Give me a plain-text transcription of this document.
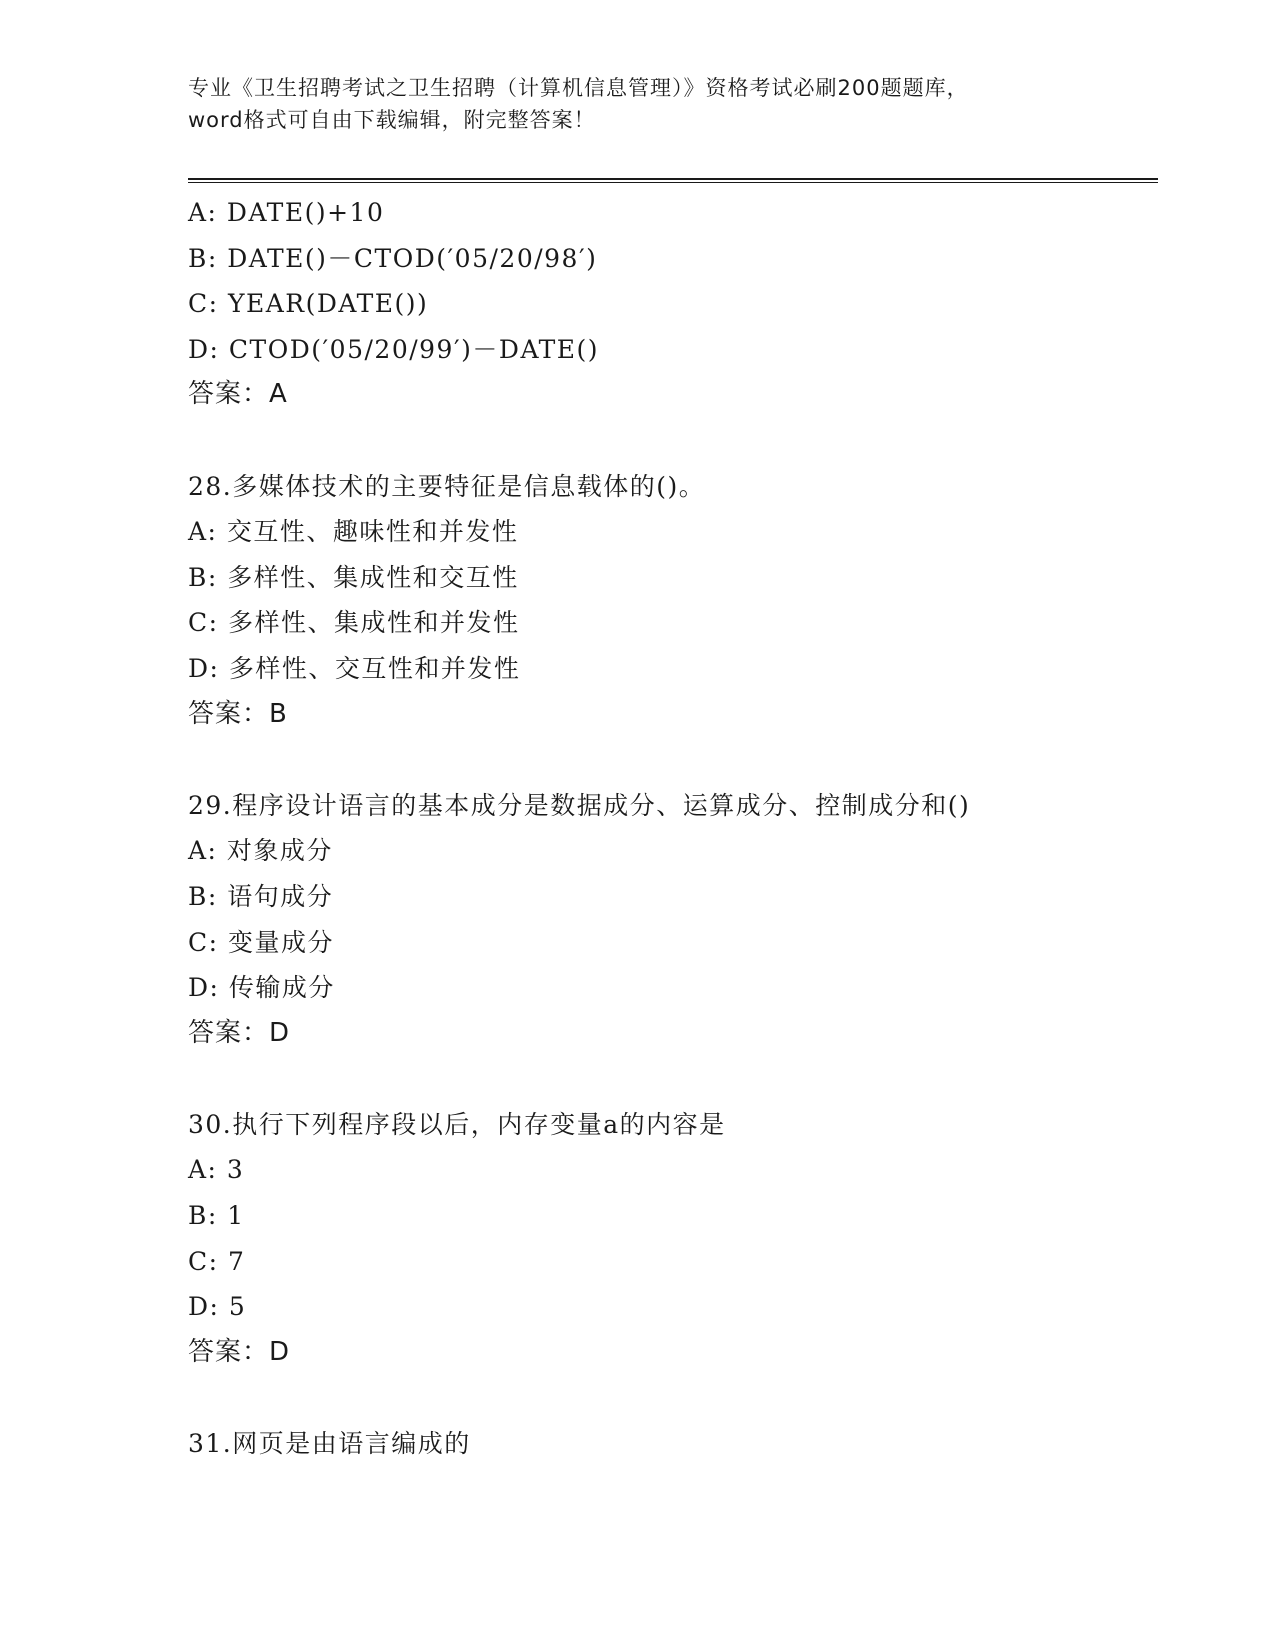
专业《卫生招聘考试之卫生招聘（计算机信息管理）》资格考试必刷200题题库，
word格式可自由下载编辑，附完整答案！
A: DATE()+10
B: DATE()－CTOD(′05/20/98′)
C: YEAR(DATE())
D: CTOD(′05/20/99′)－DATE()
答案：A
28.多媒体技术的主要特征是信息载体的()。
A: 交互性、趣味性和并发性
B: 多样性、集成性和交互性
C: 多样性、集成性和并发性
D: 多样性、交互性和并发性
答案：B
29.程序设计语言的基本成分是数据成分、运算成分、控制成分和()
A: 对象成分
B: 语句成分
C: 变量成分
D: 传输成分
答案：D
30.执行下列程序段以后，内存变量a的内容是
A: 3
B: 1
C: 7
D: 5
答案：D
31.网页是由语言编成的
